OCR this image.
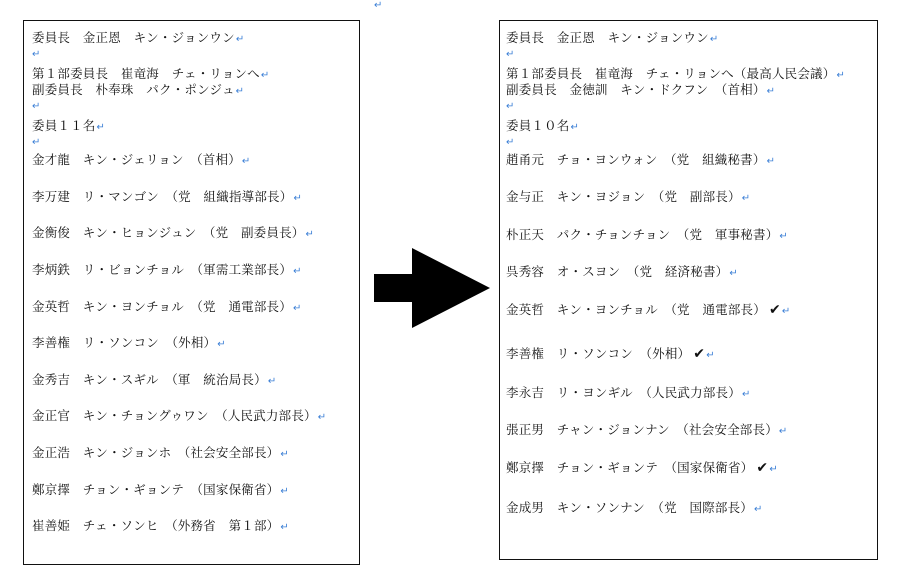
↵
委員長　金正恩　キン・ジョンウン↵
↵
第１部委員長　崔竜海　チェ・リョンへ↵
副委員長　朴奉珠　パク・ポンジュ↵
↵
委員１１名↵
↵
金才龍　キン・ジェリョン　（首相）↵
李万建　リ・マンゴン　（党　組織指導部長）↵
金衡俊　キン・ヒョンジュン　（党　副委員長）↵
李炳鉄　リ・ビョンチョル　（軍需工業部長）↵
金英哲　キン・ヨンチョル　（党　通電部長）↵
李善権　リ・ソンコン　（外相）↵
金秀吉　キン・スギル　（軍　統治局長）↵
金正官　キン・チョングゥワン　（人民武力部長）↵
金正浩　キン・ジョンホ　（社会安全部長）↵
鄭京擇　チョン・ギョンテ　（国家保衛省）↵
崔善姫　チェ・ソンヒ　（外務省　第１部）↵
委員長　金正恩　キン・ジョンウン↵
↵
第１部委員長　崔竜海　チェ・リョンへ（最高人民会議）↵
副委員長　金徳訓　キン・ドクフン　（首相）↵
↵
委員１０名↵
↵
趙甬元　チョ・ヨンウォン　（党　組織秘書）↵
金与正　キン・ヨジョン　（党　副部長）↵
朴正天　パク・チョンチョン　（党　軍事秘書）↵
呉秀容　オ・スヨン　（党　経済秘書）↵
金英哲　キン・ヨンチョル　（党　通電部長） ✔↵
李善権　リ・ソンコン　（外相） ✔↵
李永吉　リ・ヨンギル　（人民武力部長）↵
張正男　チャン・ジョンナン　（社会安全部長）↵
鄭京擇　チョン・ギョンテ　（国家保衛省） ✔↵
金成男　キン・ソンナン　（党　国際部長）↵
